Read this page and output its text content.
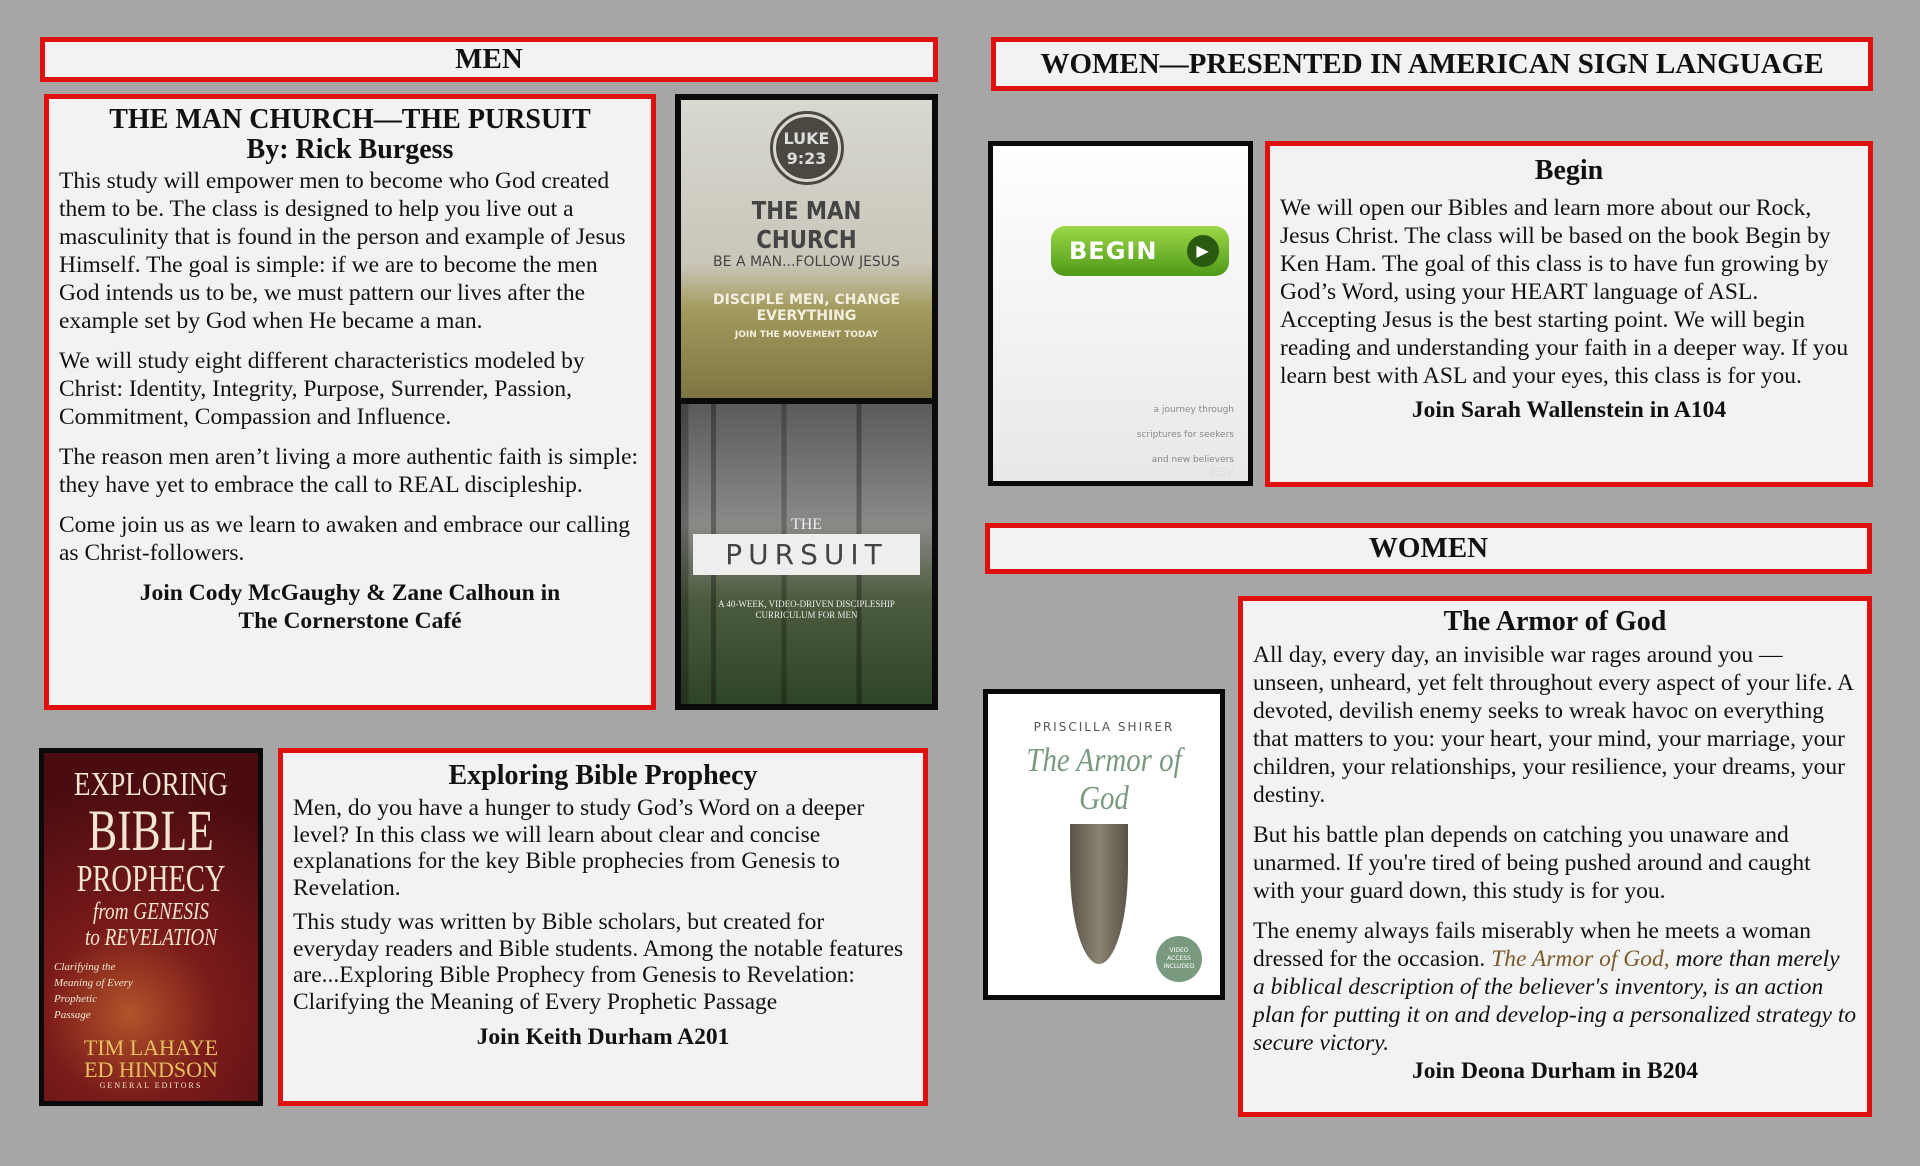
MEN	WOMEN—PRESENTED IN AMERICAN SIGN LANGUAGE
WOMEN
THE MAN CHURCH—THE PURSUIT
By: Rick Burgess

This study will empower men to become who God created them to be. The class is designed to help you live out a masculinity that is found in the person and example of Jesus Himself. The goal is simple: if we are to become the men God intends us to be, we must pattern our lives after the example set by God when He became a man.

We will study eight different characteristics modeled by Christ: Identity, Integrity, Purpose, Surrender, Passion, Commitment, Compassion and Influence.

The reason men aren’t living a more authentic faith is simple: they have yet to embrace the call to REAL discipleship.

Come join us as we learn to awaken and embrace our calling as Christ-followers.

Join Cody McGaughy & Zane Calhoun in
The Cornerstone Café
LUKE
9:23
THE MAN CHURCH
BE A MAN...FOLLOW JESUS
DISCIPLE MEN, CHANGE EVERYTHING
JOIN THE MOVEMENT TODAY
THE
PURSUIT
A 40-WEEK, VIDEO-DRIVEN DISCIPLESHIP CURRICULUM FOR MEN
EXPLORING
BIBLE
PROPHECY
from GENESIS
to REVELATION
Clarifying the Meaning of Every Prophetic Passage
TIM LAHAYE
ED HINDSON
GENERAL EDITORS
Exploring Bible Prophecy

Men, do you have a hunger to study God’s Word on a deeper level? In this class we will learn about clear and concise explanations for the key Bible prophecies from Genesis to Revelation.

This study was written by Bible scholars, but created for everyday readers and Bible students. Among the notable features are...Exploring Bible Prophecy from Genesis to Revelation: Clarifying the Meaning of Every Prophetic Passage

Join Keith Durham A201
BEGIN	▶
a journey through
scriptures for seekers
and new believers
ESV
Begin

We will open our Bibles and learn more about our Rock, Jesus Christ. The class will be based on the book Begin by Ken Ham. The goal of this class is to have fun growing by God’s Word, using your HEART language of ASL. Accepting Jesus is the best starting point. We will begin reading and understanding your faith in a deeper way. If you learn best with ASL and your eyes, this class is for you.

Join Sarah Wallenstein in A104
PRISCILLA SHIRER
The Armor of God
VIDEO ACCESS INCLUDED
The Armor of God

All day, every day, an invisible war rages around you — unseen, unheard, yet felt throughout every aspect of your life. A devoted, devilish enemy seeks to wreak havoc on everything that matters to you: your heart, your mind, your marriage, your children, your relationships, your resilience, your dreams, your destiny.

But his battle plan depends on catching you unaware and unarmed. If you're tired of being pushed around and caught with your guard down, this study is for you.

The enemy always fails miserably when he meets a woman dressed for the occasion. The Armor of God, more than merely a biblical description of the believer's inventory, is an action plan for putting it on and develop-ing a personalized strategy to secure victory.

Join Deona Durham in B204
